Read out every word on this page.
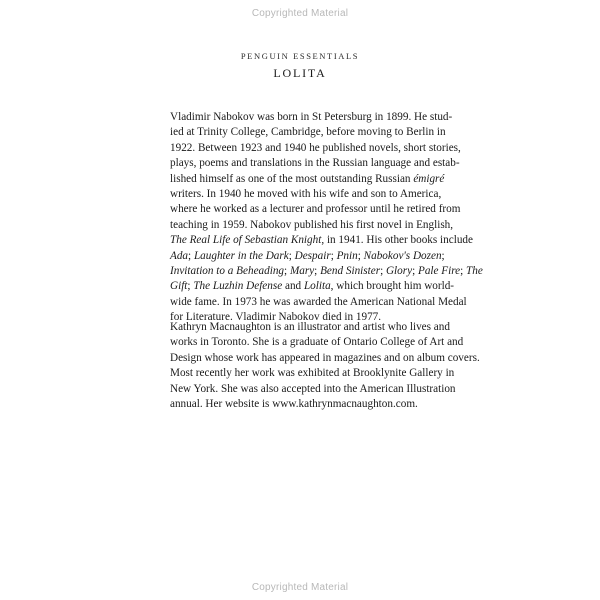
Copyrighted Material
PENGUIN ESSENTIALS
LOLITA

Vladimir Nabokov was born in St Petersburg in 1899. He stud-
ied at Trinity College, Cambridge, before moving to Berlin in
1922. Between 1923 and 1940 he published novels, short stories,
plays, poems and translations in the Russian language and estab-
lished himself as one of the most outstanding Russian émigré
writers. In 1940 he moved with his wife and son to America,
where he worked as a lecturer and professor until he retired from
teaching in 1959. Nabokov published his first novel in English,
The Real Life of Sebastian Knight, in 1941. His other books include
Ada; Laughter in the Dark; Despair; Pnin; Nabokov's Dozen;
Invitation to a Beheading; Mary; Bend Sinister; Glory; Pale Fire; The
Gift; The Luzhin Defense and Lolita, which brought him world-
wide fame. In 1973 he was awarded the American National Medal
for Literature. Vladimir Nabokov died in 1977.

Kathryn Macnaughton is an illustrator and artist who lives and
works in Toronto. She is a graduate of Ontario College of Art and
Design whose work has appeared in magazines and on album covers.
Most recently her work was exhibited at Brooklynite Gallery in
New York. She was also accepted into the American Illustration
annual. Her website is www.kathrynmacnaughton.com.

Copyrighted Material
